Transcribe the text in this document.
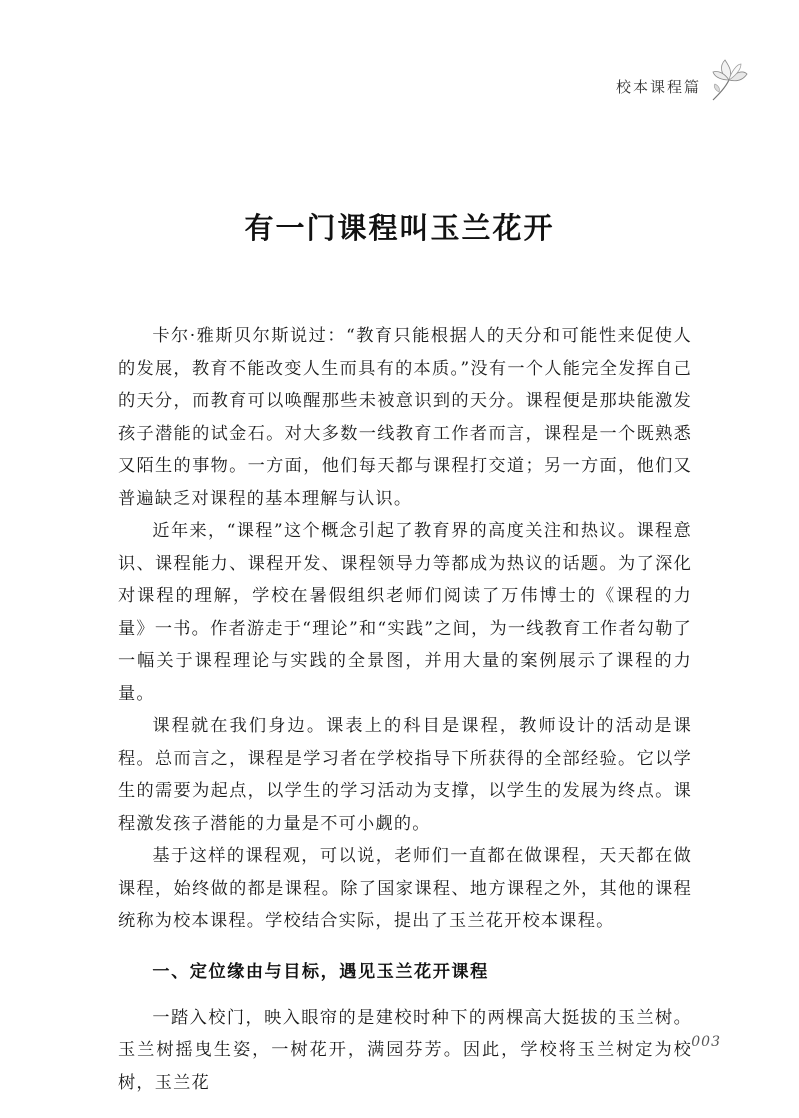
校本课程篇
有一门课程叫玉兰花开

卡尔·雅斯贝尔斯说过：“教育只能根据人的天分和可能性来促使人的发展，教育不能改变人生而具有的本质。”没有一个人能完全发挥自己的天分，而教育可以唤醒那些未被意识到的天分。课程便是那块能激发孩子潜能的试金石。对大多数一线教育工作者而言，课程是一个既熟悉又陌生的事物。一方面，他们每天都与课程打交道；另一方面，他们又普遍缺乏对课程的基本理解与认识。

近年来，“课程”这个概念引起了教育界的高度关注和热议。课程意识、课程能力、课程开发、课程领导力等都成为热议的话题。为了深化对课程的理解，学校在暑假组织老师们阅读了万伟博士的《课程的力量》一书。作者游走于“理论”和“实践”之间，为一线教育工作者勾勒了一幅关于课程理论与实践的全景图，并用大量的案例展示了课程的力量。

课程就在我们身边。课表上的科目是课程，教师设计的活动是课程。总而言之，课程是学习者在学校指导下所获得的全部经验。它以学生的需要为起点，以学生的学习活动为支撑，以学生的发展为终点。课程激发孩子潜能的力量是不可小觑的。

基于这样的课程观，可以说，老师们一直都在做课程，天天都在做课程，始终做的都是课程。除了国家课程、地方课程之外，其他的课程统称为校本课程。学校结合实际，提出了玉兰花开校本课程。

一、定位缘由与目标，遇见玉兰花开课程

一踏入校门，映入眼帘的是建校时种下的两棵高大挺拔的玉兰树。玉兰树摇曳生姿，一树花开，满园芬芳。因此，学校将玉兰树定为校树，玉兰花

003
